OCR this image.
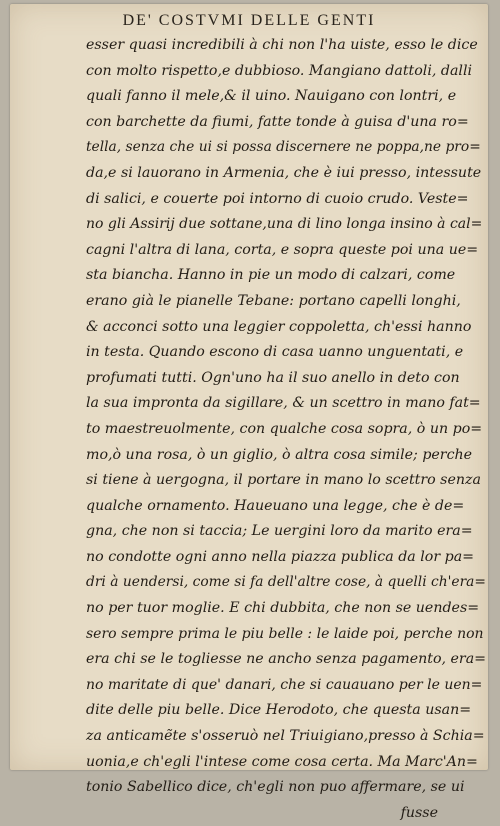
DE' COSTVMI DELLE GENTI
esser quasi incredibili à chi non l'ha uiste, esso le dice
con molto rispetto,e dubbioso. Mangiano dattoli, dalli
quali fanno il mele,& il uino. Nauigano con lontri, e
con barchette da fiumi, fatte tonde à guisa d'una ro=
tella, senza che ui si possa discernere ne poppa,ne pro=
da,e si lauorano in Armenia, che è iui presso, intessute
di salici, e couerte poi intorno di cuoio crudo. Veste=
no gli Assirij due sottane,una di lino longa insino à cal=
cagni l'altra di lana, corta, e sopra queste poi una ue=
sta biancha. Hanno in pie un modo di calzari, come
erano già le pianelle Tebane: portano capelli longhi,
& acconci sotto una leggier coppoletta, ch'essi hanno
in testa. Quando escono di casa uanno unguentati, e
profumati tutti. Ogn'uno ha il suo anello in deto con
la sua impronta da sigillare, & un scettro in mano fat=
to maestreuolmente, con qualche cosa sopra, ò un po=
mo,ò una rosa, ò un giglio, ò altra cosa simile; perche
si tiene à uergogna, il portare in mano lo scettro senza
qualche ornamento. Haueuano una legge, che è de=
gna, che non si taccia; Le uergini loro da marito era=
no condotte ogni anno nella piazza publica da lor pa=
dri à uendersi, come si fa dell'altre cose, à quelli ch'era=
no per tuor moglie. E chi dubbita, che non se uendes=
sero sempre prima le piu belle : le laide poi, perche non
era chi se le togliesse ne ancho senza pagamento, era=
no maritate di que' danari, che si cauauano per le uen=
dite delle piu belle. Dice Herodoto, che questa usan=
za anticamẽte s'osseruò nel Triuigiano,presso à Schia=
uonia,e ch'egli l'intese come cosa certa. Ma Marc'An=
tonio Sabellico dice, ch'egli non puo affermare, se ui
fusse
